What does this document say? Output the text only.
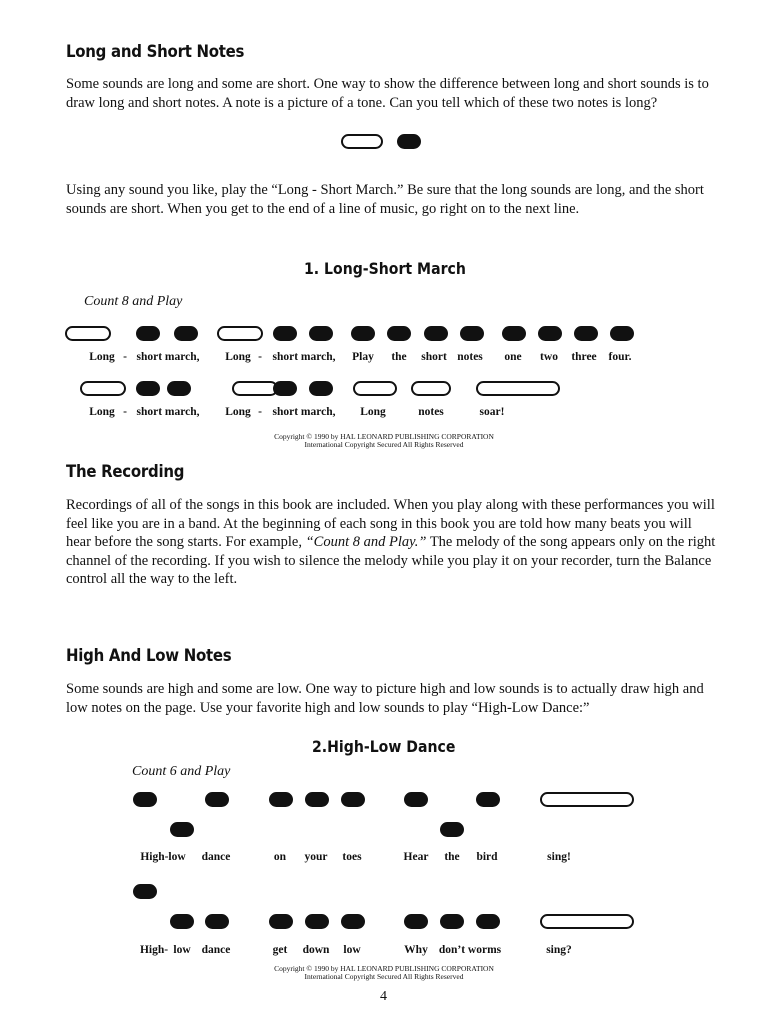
Long and Short Notes

Some sounds are long and some are short. One way to show the difference between long and short sounds is to draw long and short notes. A note is a picture of a tone. Can you tell which of these two notes is long?

Using any sound you like, play the “Long - Short March.” Be sure that the long sounds are long, and the short sounds are short. When you get to the end of a line of music, go right on to the next line.

1. Long-Short March
Count 8 and Play
Long - short march, Long - short march, Play the short notes one two three four.
Long - short march, Long - short march, Long	notes	soar!
Copyright © 1990 by HAL LEONARD PUBLISHING CORPORATION
International Copyright Secured All Rights Reserved
The Recording

Recordings of all of the songs in this book are included. When you play along with these performances you will feel like you are in a band. At the beginning of each song in this book you are told how many beats you will hear before the song starts. For example, “Count 8 and Play.” The melody of the song appears only on the right channel of the recording. If you wish to silence the melody while you play it on your recorder, turn the Balance control all the way to the left.

High And Low Notes

Some sounds are high and some are low. One way to picture high and low sounds is to actually draw high and low notes on the page. Use your favorite high and low sounds to play “High-Low Dance:”

2.High-Low Dance
Count 6 and Play
High-low dance	on your toes	Hear the bird	sing!
High- low dance	get down low	Why don’t worms	sing?
Copyright © 1990 by HAL LEONARD PUBLISHING CORPORATION
International Copyright Secured All Rights Reserved
4
